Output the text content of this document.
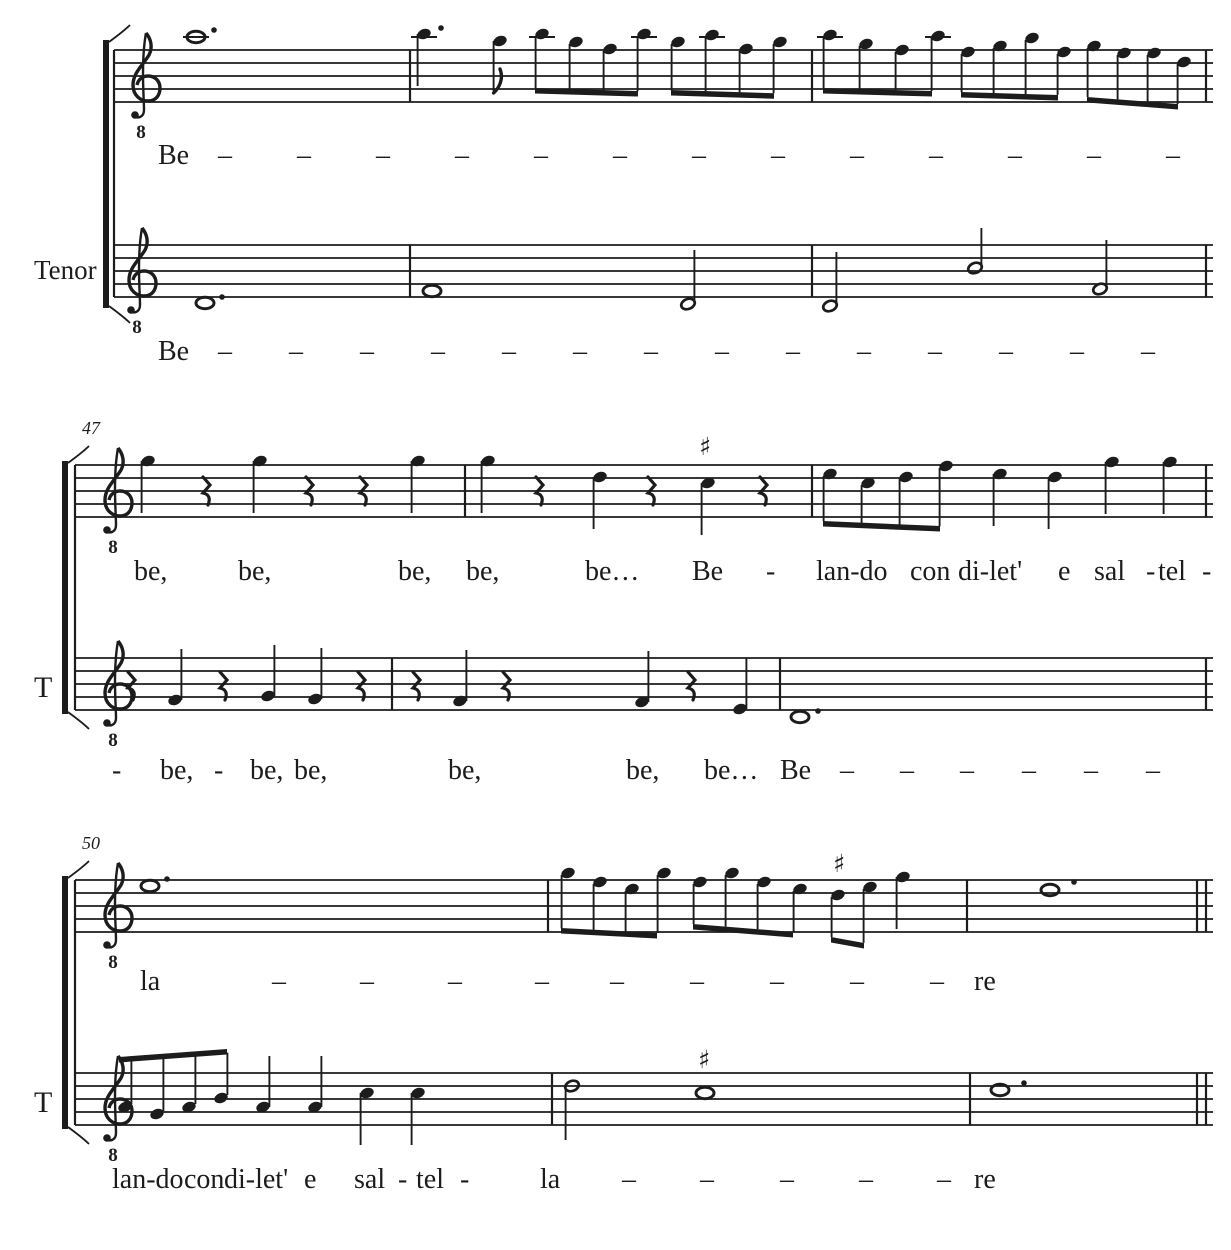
8
8
8
♯
8
8
♯
8
♯
Tenor
T
T
47
50
Be – – – – – – – – – – – – –
Be – – – – – – – – – – – – – –
be,	be,	be, be,	be… Be - lan-do con di-let' e sal - tel -
- be, - be, be,	be,	be, be… Be – – – – – –
la	–	–	–	– – – – – – re
lan-do con di-let' e sal - tel -	la – – – – – re
